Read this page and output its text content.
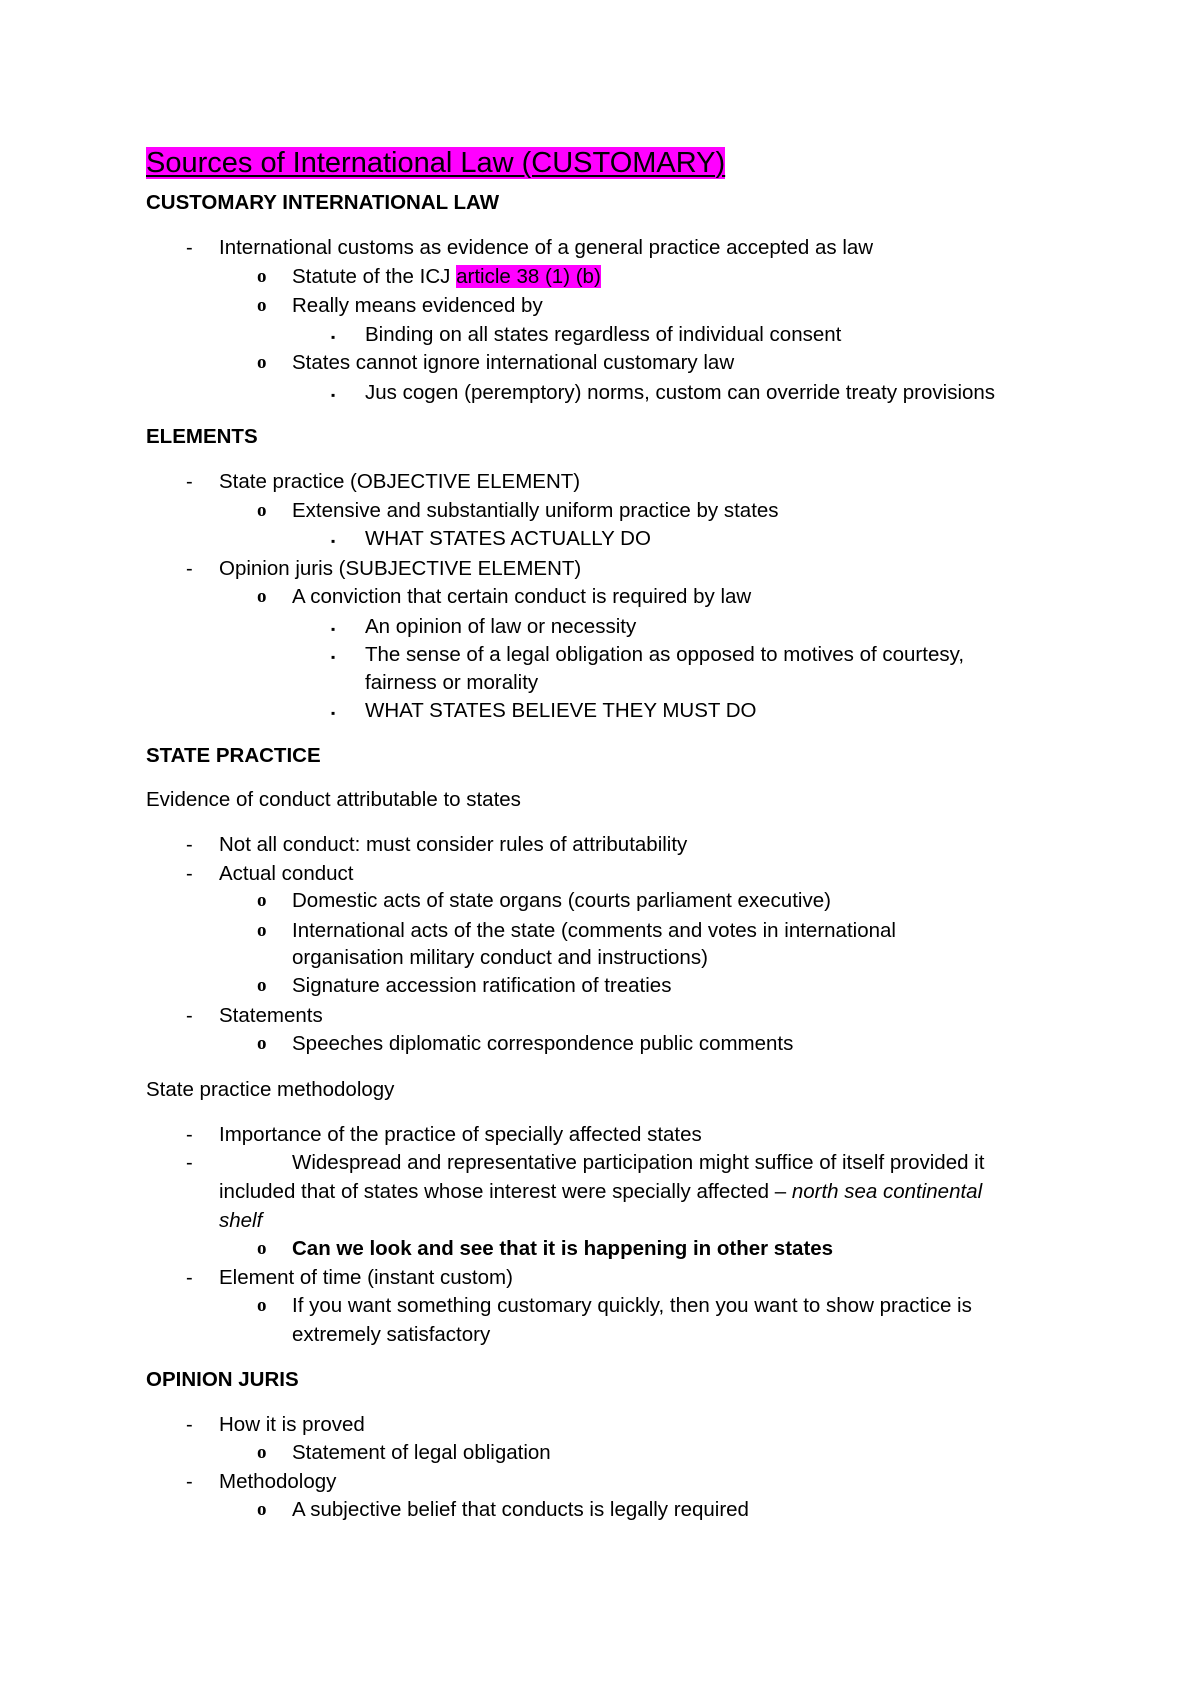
Sources of International Law (CUSTOMARY)
CUSTOMARY INTERNATIONAL LAW
- International customs as evidence of a general practice accepted as law
o Statute of the ICJ article 38 (1) (b)
o Really means evidenced by
▪ Binding on all states regardless of individual consent
o States cannot ignore international customary law
▪ Jus cogen (peremptory) norms, custom can override treaty provisions
ELEMENTS
- State practice (OBJECTIVE ELEMENT)
o Extensive and substantially uniform practice by states
▪ WHAT STATES ACTUALLY DO
- Opinion juris (SUBJECTIVE ELEMENT)
o A conviction that certain conduct is required by law
▪ An opinion of law or necessity
▪ The sense of a legal obligation as opposed to motives of courtesy,
fairness or morality
▪ WHAT STATES BELIEVE THEY MUST DO
STATE PRACTICE
Evidence of conduct attributable to states
- Not all conduct: must consider rules of attributability
- Actual conduct
o Domestic acts of state organs (courts parliament executive)
o International acts of the state (comments and votes in international
organisation military conduct and instructions)
o Signature accession ratification of treaties
- Statements
o Speeches diplomatic correspondence public comments
State practice methodology
- Importance of the practice of specially affected states
-	Widespread and representative participation might suffice of itself provided it
included that of states whose interest were specially affected – north sea continental
shelf
o Can we look and see that it is happening in other states
- Element of time (instant custom)
o If you want something customary quickly, then you want to show practice is
extremely satisfactory
OPINION JURIS
- How it is proved
o Statement of legal obligation
- Methodology
o A subjective belief that conducts is legally required
